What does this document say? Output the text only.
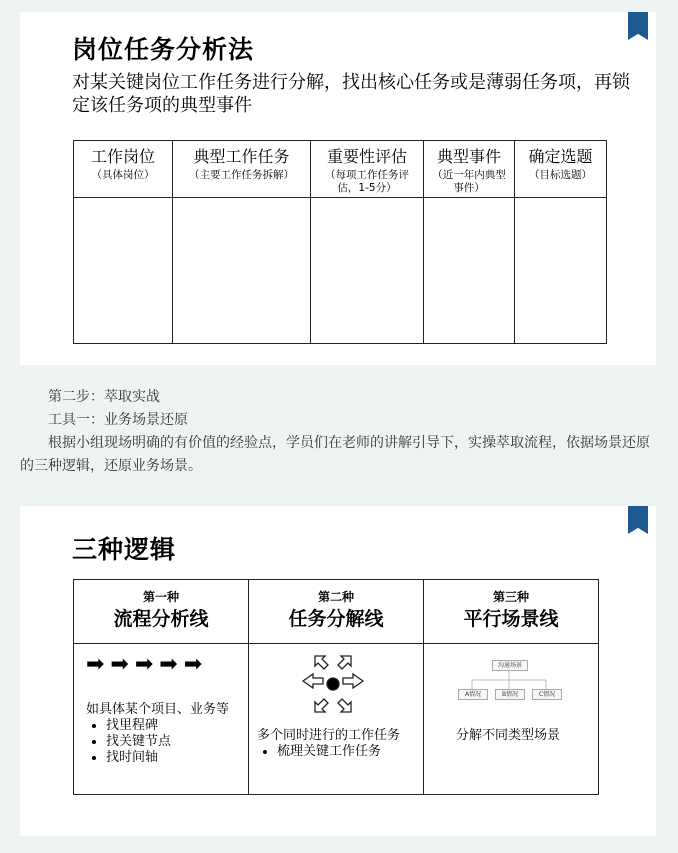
岗位任务分析法
对某关键岗位工作任务进行分解，找出核心任务或是薄弱任务项，再锁定该任务项的典型事件
工作岗位
（具体岗位）
典型工作任务
（主要工作任务拆解）
重要性评估
（每项工作任务评估，1-5分）
典型事件
（近一年内典型事件）
确定选题
（目标选题）

第二步：萃取实战

工具一：业务场景还原

根据小组现场明确的有价值的经验点，学员们在老师的讲解引导下，实操萃取流程，依据场景还原的三种逻辑，还原业务场景。

三种逻辑
第一种
流程分析线
➡➡➡➡➡
如具体某个项目、业务等
• 找里程碑
• 找关键节点
• 找时间轴
第二种
任务分解线
多个同时进行的工作任务
• 梳理关键工作任务
第三种
平行场景线
沟通场景
A情况	B情况	C情况
分解不同类型场景
